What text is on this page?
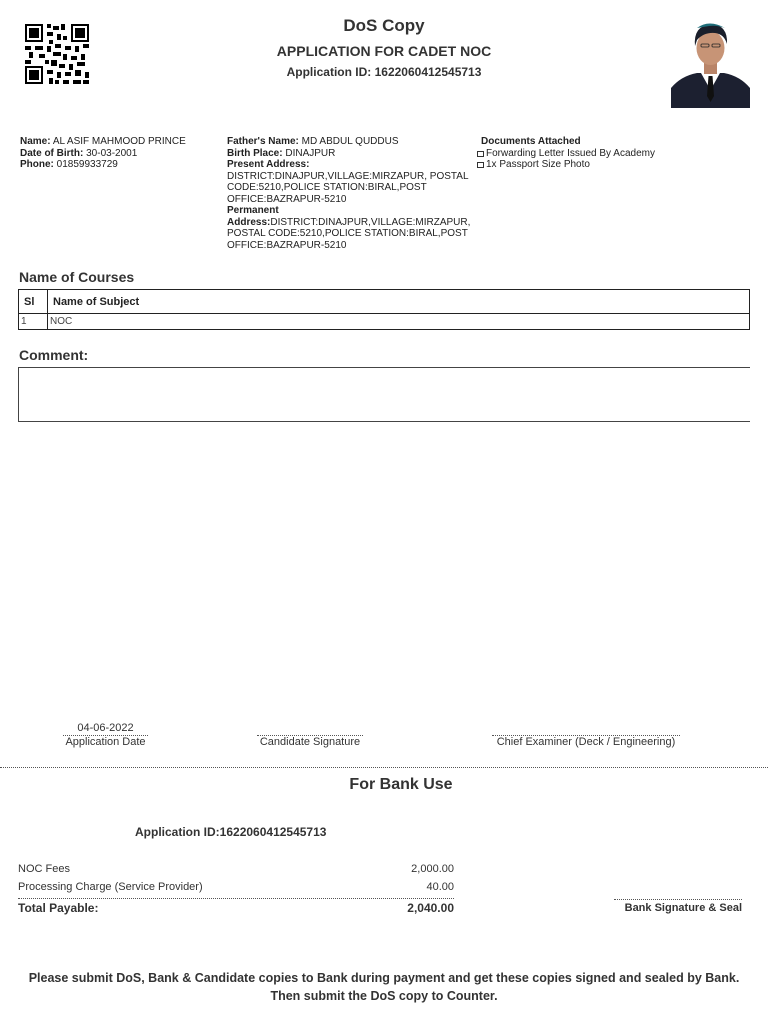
DoS Copy
APPLICATION FOR CADET NOC
Application ID: 1622060412545713
Name: AL ASIF MAHMOOD PRINCE
Date of Birth: 30-03-2001
Phone: 01859933729
Father's Name: MD ABDUL QUDDUS
Birth Place: DINAJPUR
Present Address:
DISTRICT:DINAJPUR,VILLAGE:MIRZAPUR, POSTAL CODE:5210,POLICE STATION:BIRAL,POST OFFICE:BAZRAPUR-5210
Permanent Address:DISTRICT:DINAJPUR,VILLAGE:MIRZAPUR, POSTAL CODE:5210,POLICE STATION:BIRAL,POST OFFICE:BAZRAPUR-5210
Documents Attached
Forwarding Letter Issued By Academy
1x Passport Size Photo
Name of Courses
Sl	Name of Subject
1	NOC
Comment:
04-06-2022
Application Date	Candidate Signature	Chief Examiner (Deck / Engineering)
For Bank Use
Application ID:1622060412545713
NOC Fees	2,000.00
Processing Charge (Service Provider)	40.00
Total Payable:	2,040.00	Bank Signature & Seal
Please submit DoS, Bank & Candidate copies to Bank during payment and get these copies signed and sealed by Bank. Then submit the DoS copy to Counter.
